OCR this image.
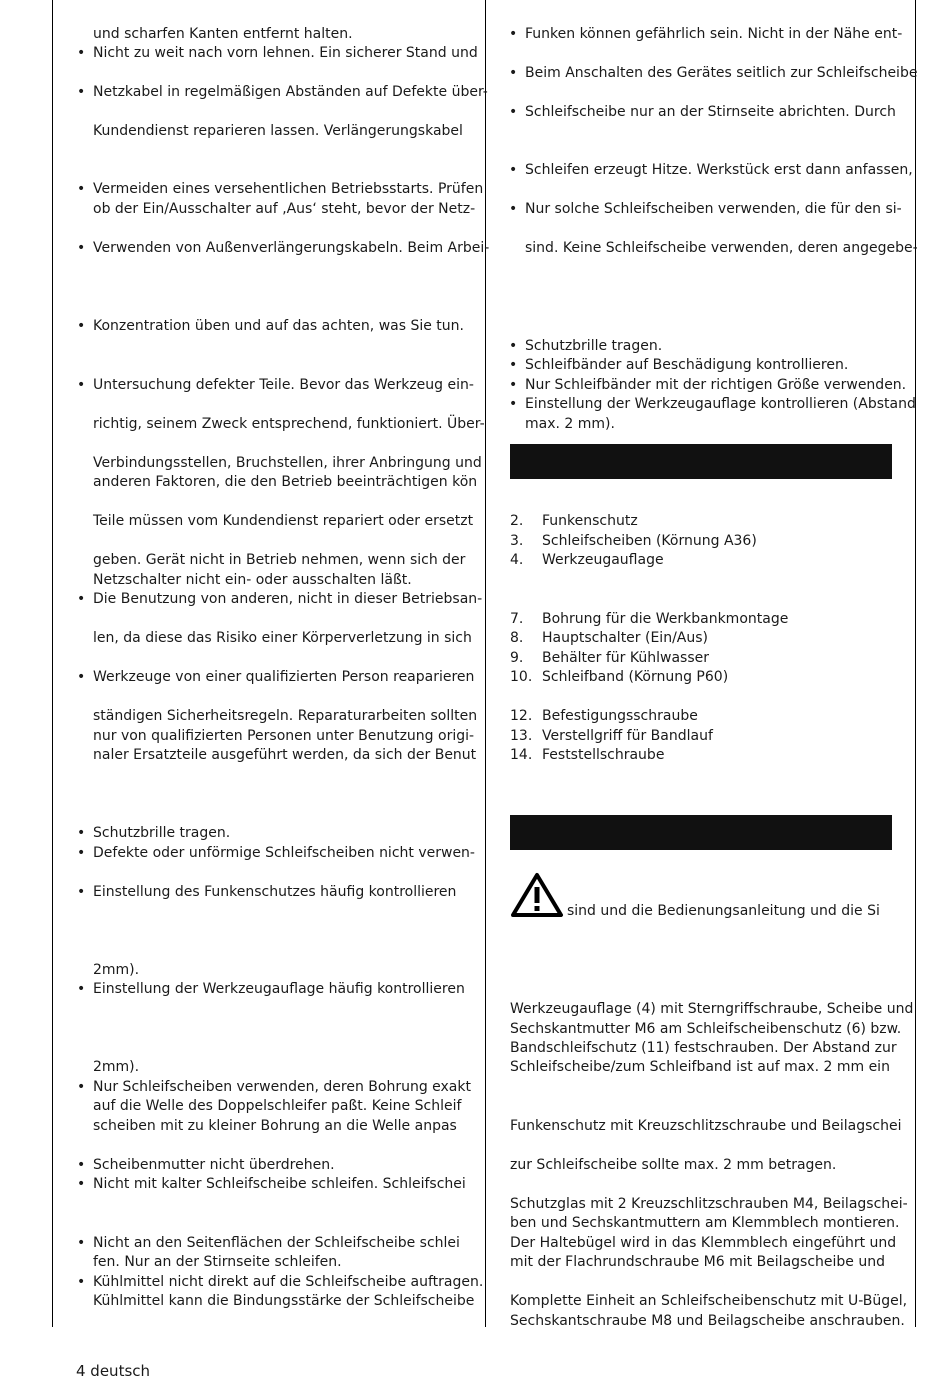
und scharfen Kanten entfernt halten.
• Nicht zu weit nach vorn lehnen. Ein sicherer Stand und
• Netzkabel in regelmäßigen Abständen auf Defekte über-
Kundendienst reparieren lassen. Verlängerungskabel
• Vermeiden eines versehentlichen Betriebsstarts. Prüfen
ob der Ein/Ausschalter auf ‚Aus‘ steht, bevor der Netz-
• Verwenden von Außenverlängerungskabeln. Beim Arbei-
• Konzentration üben und auf das achten, was Sie tun.
• Untersuchung defekter Teile. Bevor das Werkzeug ein-
richtig, seinem Zweck entsprechend, funktioniert. Über-
Verbindungsstellen, Bruchstellen, ihrer Anbringung und
anderen Faktoren, die den Betrieb beeinträchtigen kön
Teile müssen vom Kundendienst repariert oder ersetzt
geben. Gerät nicht in Betrieb nehmen, wenn sich der
Netzschalter nicht ein- oder ausschalten läßt.
• Die Benutzung von anderen, nicht in dieser Betriebsan-
len, da diese das Risiko einer Körperverletzung in sich
• Werkzeuge von einer qualifizierten Person reaparieren
ständigen Sicherheitsregeln. Reparaturarbeiten sollten
nur von qualifizierten Personen unter Benutzung origi-
naler Ersatzteile ausgeführt werden, da sich der Benut
• Schutzbrille tragen.
• Defekte oder unförmige Schleifscheiben nicht verwen-
• Einstellung des Funkenschutzes häufig kontrollieren
2mm).
• Einstellung der Werkzeugauflage häufig kontrollieren
2mm).
• Nur Schleifscheiben verwenden, deren Bohrung exakt
auf die Welle des Doppelschleifer paßt. Keine Schleif
scheiben mit zu kleiner Bohrung an die Welle anpas
• Scheibenmutter nicht überdrehen.
• Nicht mit kalter Schleifscheibe schleifen. Schleifschei
• Nicht an den Seitenflächen der Schleifscheibe schlei
fen. Nur an der Stirnseite schleifen.
• Kühlmittel nicht direkt auf die Schleifscheibe auftragen.
Kühlmittel kann die Bindungsstärke der Schleifscheibe
• Funken können gefährlich sein. Nicht in der Nähe ent-
• Beim Anschalten des Gerätes seitlich zur Schleifscheibe
• Schleifscheibe nur an der Stirnseite abrichten. Durch
• Schleifen erzeugt Hitze. Werkstück erst dann anfassen,
• Nur solche Schleifscheiben verwenden, die für den si-
sind. Keine Schleifscheibe verwenden, deren angegebe-
• Schutzbrille tragen.
• Schleifbänder auf Beschädigung kontrollieren.
• Nur Schleifbänder mit der richtigen Größe verwenden.
• Einstellung der Werkzeugauflage kontrollieren (Abstand
max. 2 mm).
2. Funkenschutz
3. Schleifscheiben (Körnung A36)
4. Werkzeugauflage
7. Bohrung für die Werkbankmontage
8. Hauptschalter (Ein/Aus)
9. Behälter für Kühlwasser
10. Schleifband (Körnung P60)
12. Befestigungsschraube
13. Verstellgriff für Bandlauf
14. Feststellschraube
sind und die Bedienungsanleitung und die Si
Werkzeugauflage (4) mit Sterngriffschraube, Scheibe und
Sechskantmutter M6 am Schleifscheibenschutz (6) bzw.
Bandschleifschutz (11) festschrauben. Der Abstand zur
Schleifscheibe/zum Schleifband ist auf max. 2 mm ein
Funkenschutz mit Kreuzschlitzschraube und Beilagschei
zur Schleifscheibe sollte max. 2 mm betragen.
Schutzglas mit 2 Kreuzschlitzschrauben M4, Beilagschei-
ben und Sechskantmuttern am Klemmblech montieren.
Der Haltebügel wird in das Klemmblech eingeführt und
mit der Flachrundschraube M6 mit Beilagscheibe und
Komplette Einheit an Schleifscheibenschutz mit U-Bügel,
Sechskantschraube M8 und Beilagscheibe anschrauben.
4 deutsch
